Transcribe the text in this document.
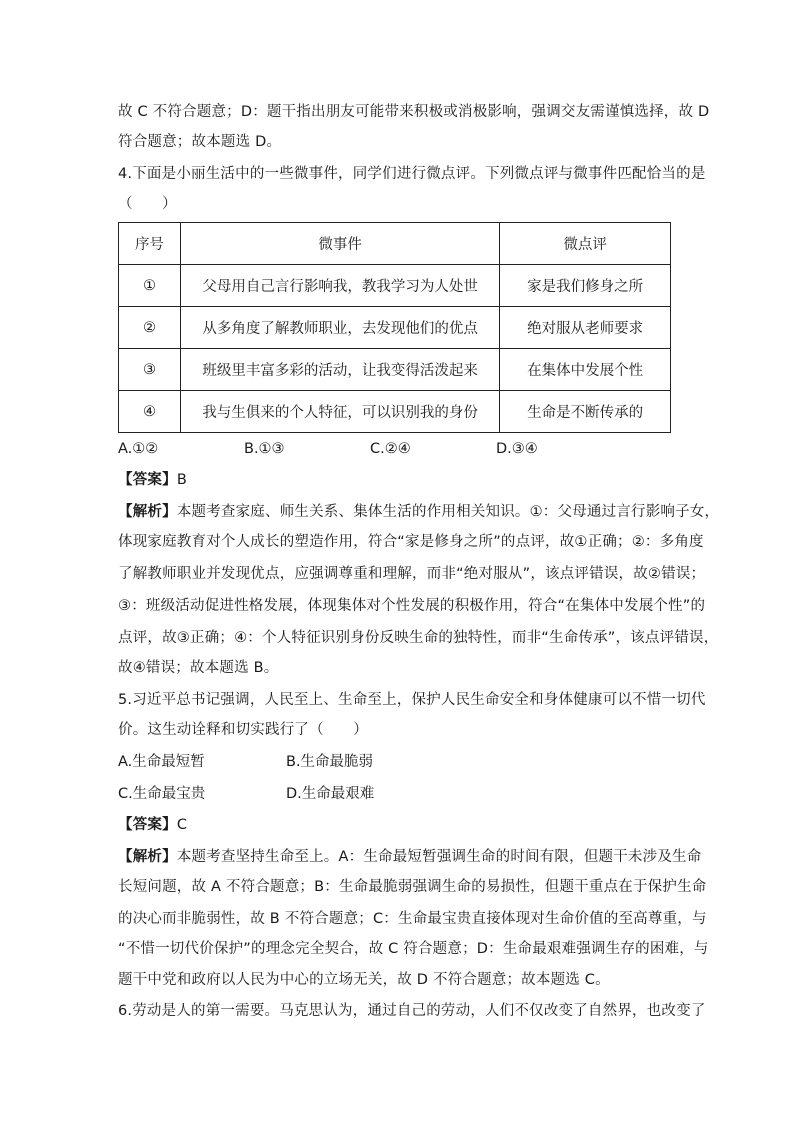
故 C 不符合题意；D：题干指出朋友可能带来积极或消极影响，强调交友需谨慎选择，故 D
符合题意；故本题选 D。
4.下面是小丽生活中的一些微事件，同学们进行微点评。下列微点评与微事件匹配恰当的是
（　　）
序号	微事件	微点评
①	父母用自己言行影响我，教我学习为人处世	家是我们修身之所
②	从多角度了解教师职业，去发现他们的优点	绝对服从老师要求
③	班级里丰富多彩的活动，让我变得活泼起来	在集体中发展个性
④	我与生俱来的个人特征，可以识别我的身份	生命是不断传承的
A.①②	B.①③	C.②④	D.③④
【答案】B
【解析】本题考查家庭、师生关系、集体生活的作用相关知识。①：父母通过言行影响子女，
体现家庭教育对个人成长的塑造作用，符合“家是修身之所”的点评，故①正确；②：多角度
了解教师职业并发现优点，应强调尊重和理解，而非“绝对服从”，该点评错误，故②错误；
③：班级活动促进性格发展，体现集体对个性发展的积极作用，符合“在集体中发展个性”的
点评，故③正确；④：个人特征识别身份反映生命的独特性，而非“生命传承”，该点评错误，
故④错误；故本题选 B。
5.习近平总书记强调，人民至上、生命至上，保护人民生命安全和身体健康可以不惜一切代
价。这生动诠释和切实践行了（　　）
A.生命最短暂	B.生命最脆弱
C.生命最宝贵	D.生命最艰难
【答案】C
【解析】本题考查坚持生命至上。A：生命最短暂强调生命的时间有限，但题干未涉及生命
长短问题，故 A 不符合题意；B：生命最脆弱强调生命的易损性，但题干重点在于保护生命
的决心而非脆弱性，故 B 不符合题意；C：生命最宝贵直接体现对生命价值的至高尊重，与
“不惜一切代价保护”的理念完全契合，故 C 符合题意；D：生命最艰难强调生存的困难，与
题干中党和政府以人民为中心的立场无关，故 D 不符合题意；故本题选 C。
6.劳动是人的第一需要。马克思认为，通过自己的劳动，人们不仅改变了自然界，也改变了
